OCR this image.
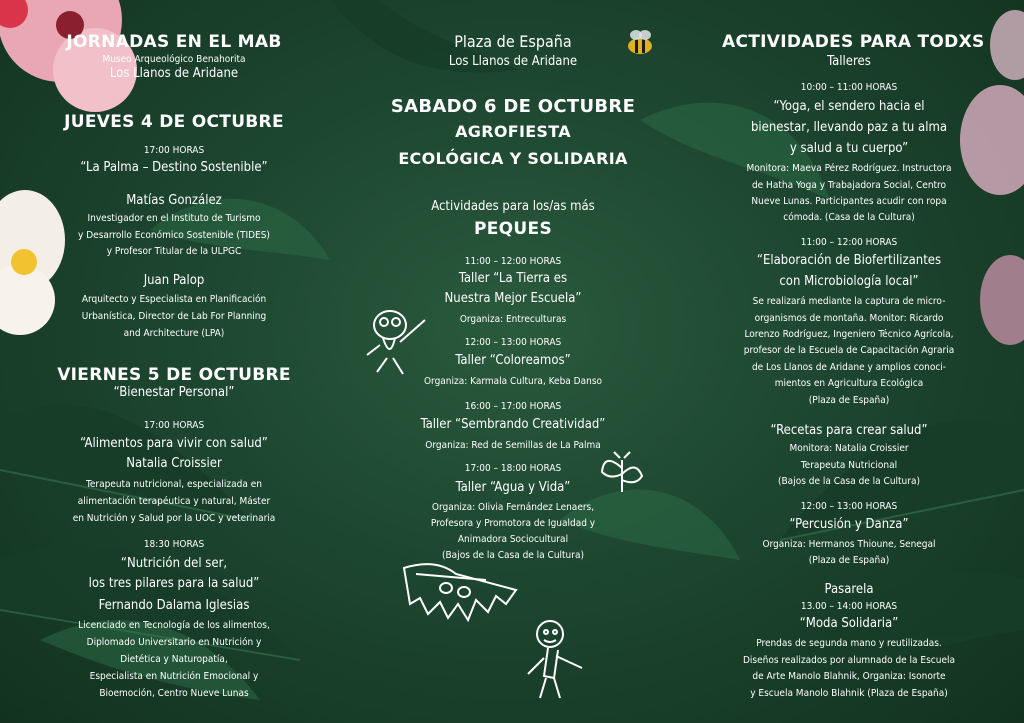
JORNADAS EN EL MAB
Museo Arqueológico Benahorita
Los Llanos de Aridane
JUEVES 4 DE OCTUBRE
17:00 HORAS
“La Palma – Destino Sostenible”
Matías González
Investigador en el Instituto de Turismo
y Desarrollo Económico Sostenible (TIDES)
y Profesor Titular de la ULPGC
Juan Palop
Arquitecto y Especialista en Planificación
Urbanística, Director de Lab For Planning
and Architecture (LPA)
VIERNES 5 DE OCTUBRE
“Bienestar Personal”
17:00 HORAS
“Alimentos para vivir con salud”
Natalia Croissier
Terapeuta nutricional, especializada en
alimentación terapéutica y natural, Máster
en Nutrición y Salud por la UOC y veterinaria
18:30 HORAS
“Nutrición del ser,
los tres pilares para la salud”
Fernando Dalama Iglesias
Licenciado en Tecnología de los alimentos,
Diplomado Universitario en Nutrición y
Dietética y Naturopatía,
Especialista en Nutrición Emocional y
Bioemoción, Centro Nueve Lunas
Plaza de España
Los Llanos de Aridane
SABADO 6 DE OCTUBRE
AGROFIESTA
ECOLÓGICA Y SOLIDARIA
Actividades para los/as más
PEQUES
11:00 – 12:00 HORAS
Taller “La Tierra es
Nuestra Mejor Escuela”
Organiza: Entreculturas
12:00 – 13:00 HORAS
Taller “Coloreamos”
Organiza: Karmala Cultura, Keba Danso
16:00 – 17:00 HORAS
Taller “Sembrando Creatividad”
Organiza: Red de Semillas de La Palma
17:00 – 18:00 HORAS
Taller “Agua y Vida”
Organiza: Olivia Fernández Lenaers,
Profesora y Promotora de Igualdad y
Animadora Sociocultural
(Bajos de la Casa de la Cultura)
ACTIVIDADES PARA TODXS
Talleres
10:00 – 11:00 HORAS
“Yoga, el sendero hacia el
bienestar, llevando paz a tu alma
y salud a tu cuerpo”
Monitora: Maeva Pérez Rodríguez. Instructora
de Hatha Yoga y Trabajadora Social, Centro
Nueve Lunas. Participantes acudir con ropa
cómoda. (Casa de la Cultura)
11:00 – 12:00 HORAS
“Elaboración de Biofertilizantes
con Microbiología local”
Se realizará mediante la captura de micro-
organismos de montaña. Monitor: Ricardo
Lorenzo Rodríguez, Ingeniero Técnico Agrícola,
profesor de la Escuela de Capacitación Agraria
de Los Llanos de Aridane y amplios conoci-
mientos en Agricultura Ecológica
(Plaza de España)
“Recetas para crear salud”
Monitora: Natalia Croissier
Terapeuta Nutricional
(Bajos de la Casa de la Cultura)
12:00 – 13:00 HORAS
“Percusión y Danza”
Organiza: Hermanos Thioune, Senegal
(Plaza de España)
Pasarela
13.00 – 14:00 HORAS
“Moda Solidaria”
Prendas de segunda mano y reutilizadas.
Diseños realizados por alumnado de la Escuela
de Arte Manolo Blahnik, Organiza: Isonorte
y Escuela Manolo Blahnik (Plaza de España)
